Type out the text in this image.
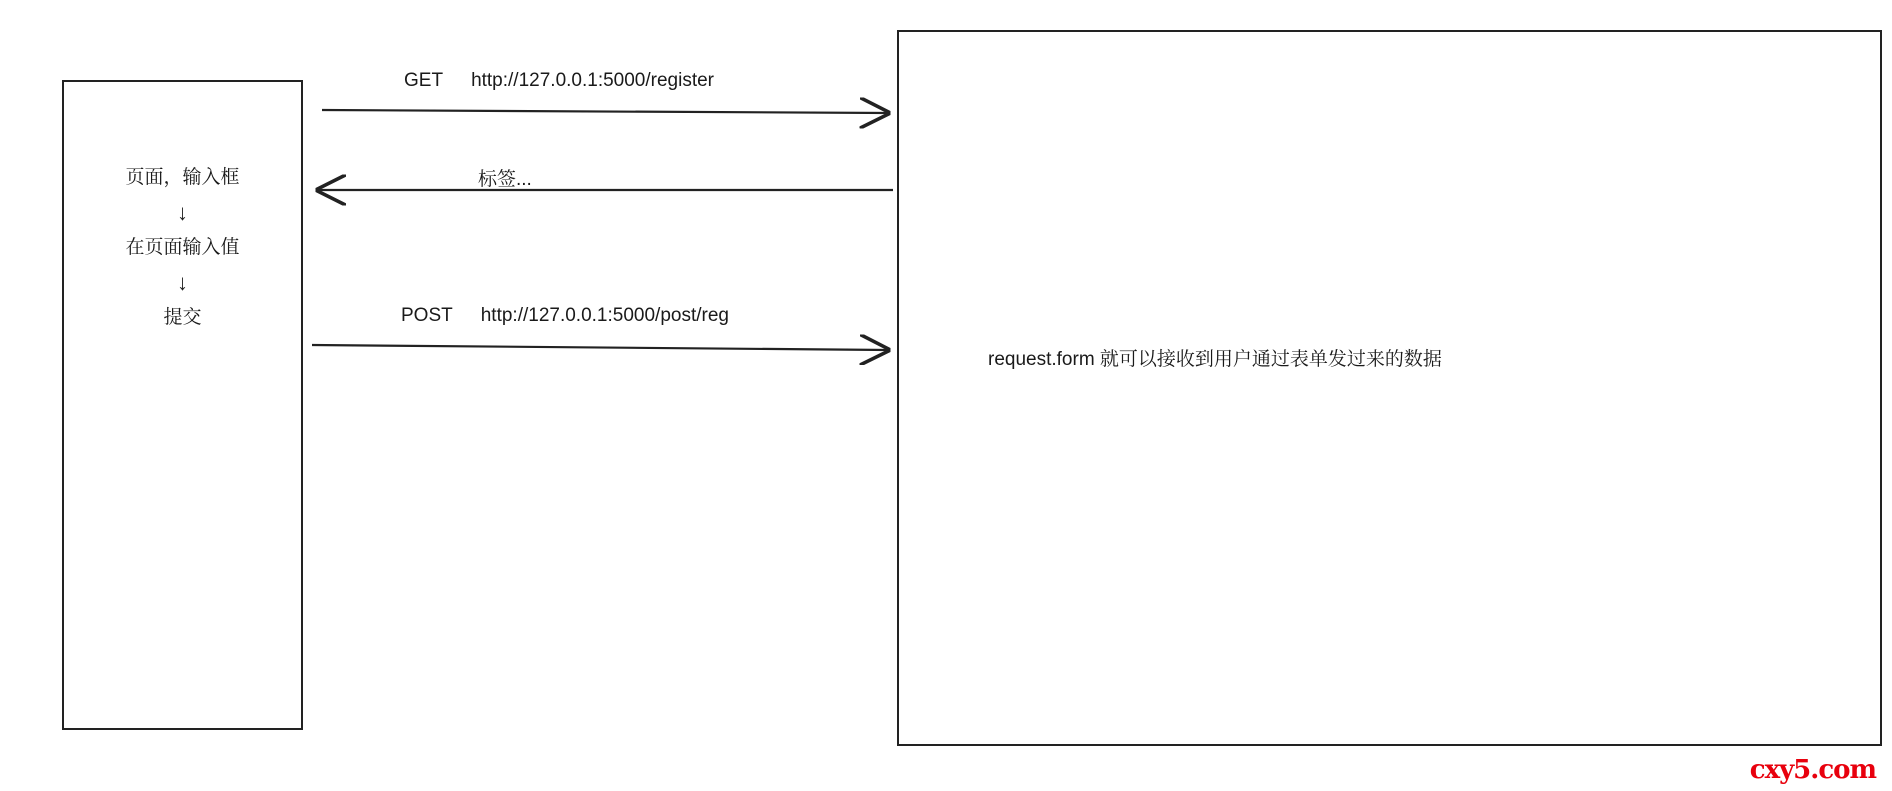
页面，输入框
↓
在页面输入值
↓
提交
GET http://127.0.0.1:5000/register
标签...
POST http://127.0.0.1:5000/post/reg
request.form 就可以接收到用户通过表单发过来的数据
cxy5.com
